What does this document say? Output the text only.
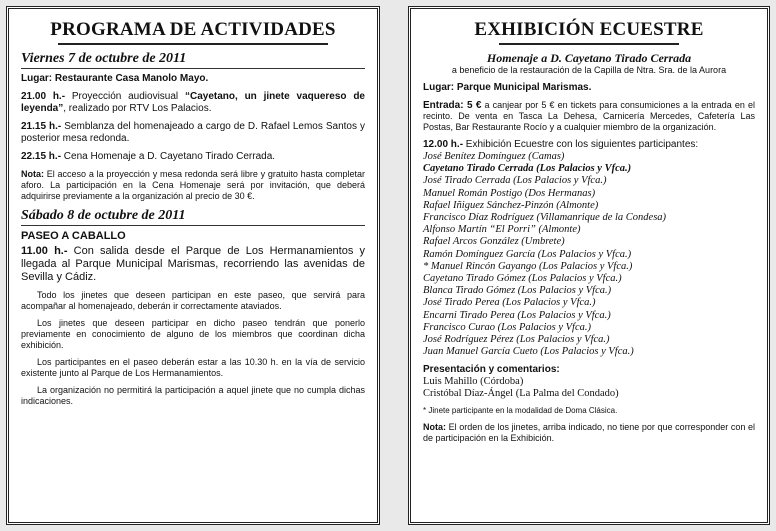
PROGRAMA DE ACTIVIDADES
Viernes 7 de octubre de 2011

Lugar: Restaurante Casa Manolo Mayo.

21.00 h.- Proyección audiovisual “Cayetano, un jinete vaquereso de leyenda”, realizado por RTV Los Palacios.

21.15 h.- Semblanza del homenajeado a cargo de D. Rafael Lemos Santos y posterior mesa redonda.

22.15 h.- Cena Homenaje a D. Cayetano Tirado Cerrada.

Nota: El acceso a la proyección y mesa redonda será libre y gratuito hasta completar aforo. La participación en la Cena Homenaje será por invitación, que deberá adquirirse previamente a la organización al precio de 30 €.

Sábado 8 de octubre de 2011

PASEO A CABALLO

11.00 h.- Con salida desde el Parque de Los Hermanamientos y llegada al Parque Municipal Marismas, recorriendo las avenidas de Sevilla y Cádiz.

Todo los jinetes que deseen participan en este paseo, que servirá para acompañar al homenajeado, deberán ir correctamente ataviados.

Los jinetes que deseen participar en dicho paseo tendrán que ponerlo previamente en conocimiento de alguno de los miembros que coordinan dicha exhibición.

Los participantes en el paseo deberán estar a las 10.30 h. en la vía de servicio existente junto al Parque de Los Hermanamientos.

La organización no permitirá la participación a aquel jinete que no cumpla dichas indicaciones.

EXHIBICIÓN ECUESTRE
Homenaje a D. Cayetano Tirado Cerrada

a beneficio de la restauración de la Capilla de Ntra. Sra. de la Aurora

Lugar: Parque Municipal Marismas.

Entrada: 5 € a canjear por 5 € en tickets para consumiciones a la entrada en el recinto. De venta en Tasca La Dehesa, Carnicería Mercedes, Cafetería Las Postas, Bar Restaurante Rocío y a cualquier miembro de la organización.

12.00 h.- Exhibición Ecuestre con los siguientes participantes:

José Benítez Domínguez (Camas)
Cayetano Tirado Cerrada (Los Palacios y Vfca.)
José Tirado Cerrada (Los Palacios y Vfca.)
Manuel Román Postigo (Dos Hermanas)
Rafael Iñiguez Sánchez-Pinzón (Almonte)
Francisco Díaz Rodríguez (Villamanrique de la Condesa)
Alfonso Martín “El Porri” (Almonte)
Rafael Arcos González (Umbrete)
Ramón Domínguez García (Los Palacios y Vfca.)
* Manuel Rincón Gayango (Los Palacios y Vfca.)
Cayetano Tirado Gómez (Los Palacios y Vfca.)
Blanca Tirado Gómez (Los Palacios y Vfca.)
José Tirado Perea (Los Palacios y Vfca.)
Encarni Tirado Perea (Los Palacios y Vfca.)
Francisco Curao (Los Palacios y Vfca.)
José Rodríguez Pérez (Los Palacios y Vfca.)
Juan Manuel García Cueto (Los Palacios y Vfca.)

Presentación y comentarios:

Luis Mahillo (Córdoba)

Cristóbal Díaz-Ángel (La Palma del Condado)

* Jinete participante en la modalidad de Doma Clásica.

Nota: El orden de los jinetes, arriba indicado, no tiene por que corresponder con el de participación en la Exhibición.
